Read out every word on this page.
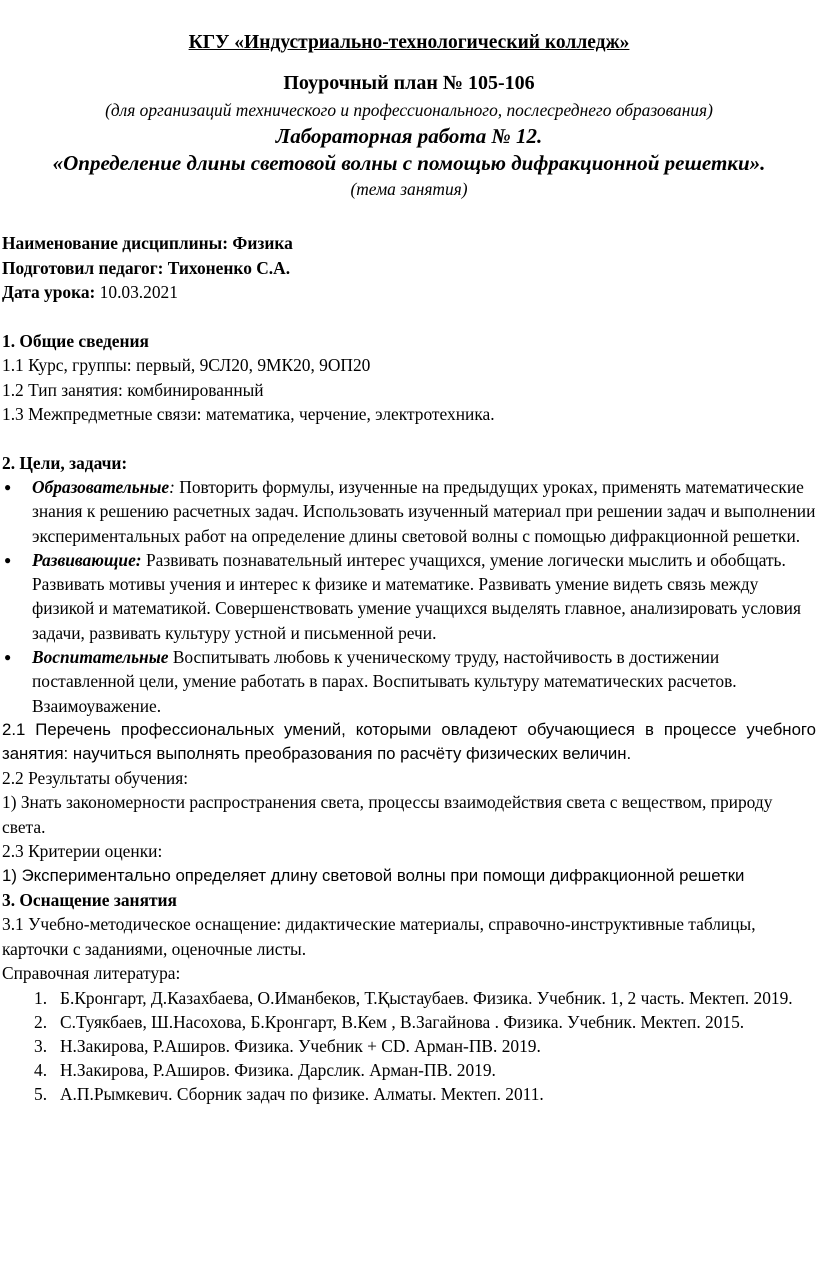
КГУ «Индустриально-технологический колледж»
Поурочный план № 105-106
(для организаций технического и профессионального, послесреднего образования)
Лабораторная работа № 12.
«Определение длины световой волны с помощью дифракционной решетки».
(тема занятия)
Наименование дисциплины: Физика
Подготовил педагог: Тихоненко С.А.
Дата урока: 10.03.2021
1. Общие сведения
1.1 Курс, группы: первый, 9СЛ20, 9МК20, 9ОП20
1.2 Тип занятия: комбинированный
1.3 Межпредметные связи: математика, черчение, электротехника.
2. Цели, задачи:
● Образовательные: Повторить формулы, изученные на предыдущих уроках, применять математические знания к решению расчетных задач. Использовать изученный материал при решении задач и выполнении экспериментальных работ на определение длины световой волны с помощью дифракционной решетки.
● Развивающие: Развивать познавательный интерес учащихся, умение логически мыслить и обобщать. Развивать мотивы учения и интерес к физике и математике. Развивать умение видеть связь между физикой и математикой. Совершенствовать умение учащихся выделять главное, анализировать условия задачи, развивать культуру устной и письменной речи.
● Воспитательные Воспитывать любовь к ученическому труду, настойчивость в достижении поставленной цели, умение работать в парах. Воспитывать культуру математических расчетов. Взаимоуважение.
2.1 Перечень профессиональных умений, которыми овладеют обучающиеся в процессе учебного занятия: научиться выполнять преобразования по расчёту физических величин.
2.2 Результаты обучения:
1) Знать закономерности распространения света, процессы взаимодействия света с веществом, природу света.
2.3 Критерии оценки:
1) Экспериментально определяет длину световой волны при помощи дифракционной решетки
3. Оснащение занятия
3.1 Учебно-методическое оснащение: дидактические материалы, справочно-инструктивные таблицы, карточки с заданиями, оценочные листы.
Справочная литература:
1. Б.Кронгарт, Д.Казахбаева, О.Иманбеков, Т.Қыстаубаев. Физика. Учебник. 1, 2 часть. Мектеп. 2019.
2. С.Туякбаев, Ш.Насохова, Б.Кронгарт, В.Кем , В.Загайнова . Физика. Учебник. Мектеп. 2015.
3. Н.Закирова, Р.Аширов. Физика. Учебник + CD. Арман-ПВ. 2019.
4. Н.Закирова, Р.Аширов. Физика. Дарслик. Арман-ПВ. 2019.
5. А.П.Рымкевич. Сборник задач по физике. Алматы. Мектеп. 2011.
